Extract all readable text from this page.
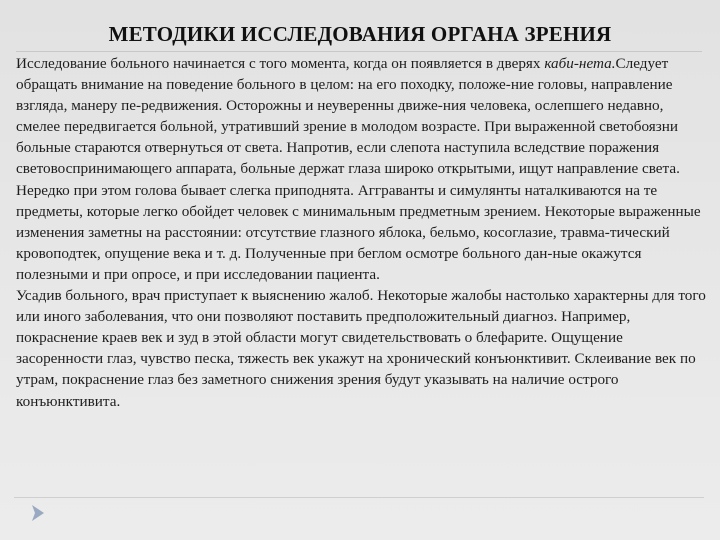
МЕТОДИКИ ИССЛЕДОВАНИЯ ОРГАНА ЗРЕНИЯ

Исследование больного начинается с того момента, когда он появляется в дверях каби-нета.Следует обращать внимание на поведение больного в целом: на его походку, положе-ние головы, направление взгляда, манеру пе-редвижения. Осторожны и неуверенны движе-ния человека, ослепшего недавно, смелее передвигается больной, утративший зрение в молодом возрасте. При выраженной светобоязни больные стараются отвернуться от света. Напротив, если слепота наступила вследствие поражения световоспринимающего аппарата, больные держат глаза широко открытыми, ищут направление света. Нередко при этом голова бывает слегка приподнята. Агграванты и симулянты наталкиваются на те предметы, которые легко обойдет человек с минимальным предметным зрением. Некоторые выраженные изменения заметны на расстоянии: отсутствие глазного яблока, бельмо, косоглазие, травма-тический кровоподтек, опущение века и т. д. Полученные при беглом осмотре больного дан-ные окажутся полезными и при опросе, и при исследовании пациента.

Усадив больного, врач приступает к выяснению жалоб. Некоторые жалобы настолько характерны для того или иного заболевания, что они позволяют поставить предположительный диагноз. Например, покраснение краев век и зуд в этой области могут свидетельствовать о блефарите. Ощущение засоренности глаз, чувство песка, тяжесть век укажут на хронический конъюнктивит. Склеивание век по утрам, покраснение глаз без заметного снижения зрения будут указывать на наличие острого конъюнктивита.
